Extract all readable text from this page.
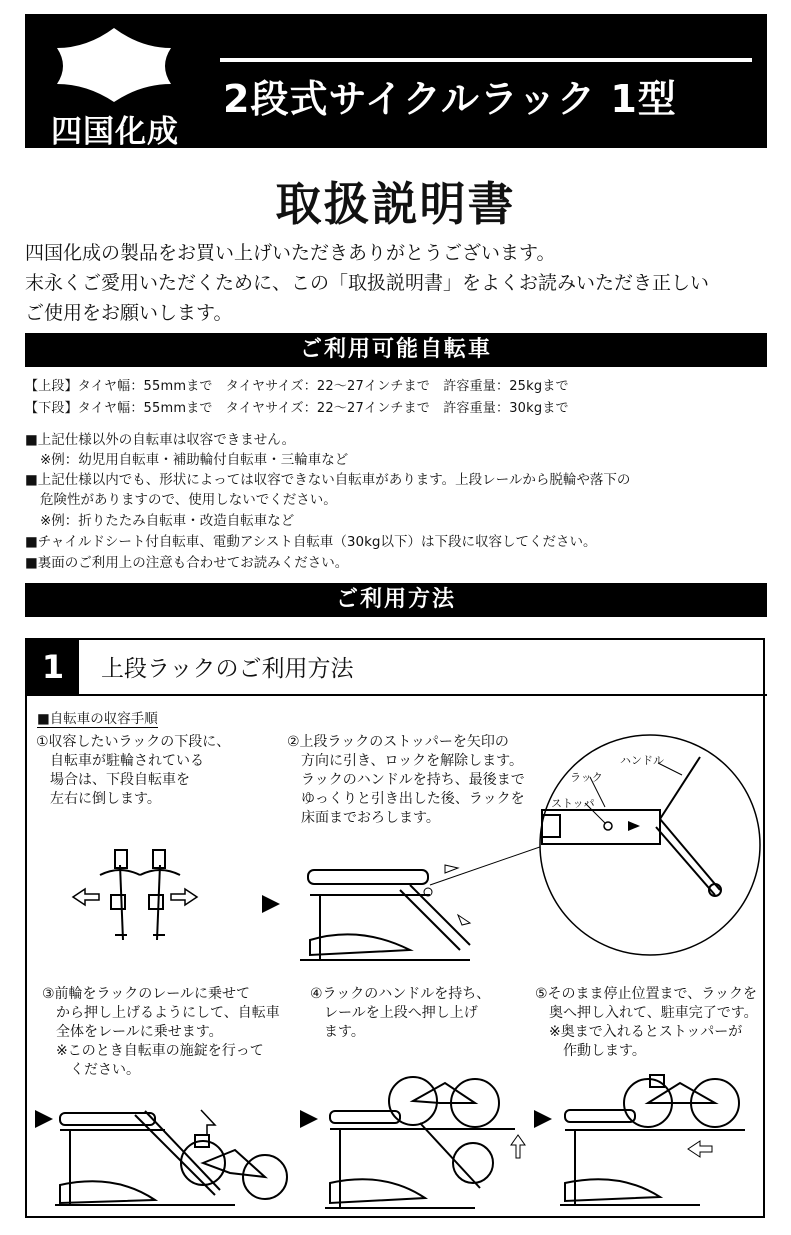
四国化成
2段式サイクルラック 1型
取扱説明書
四国化成の製品をお買い上げいただきありがとうございます。
末永くご愛用いただくために、この「取扱説明書」をよくお読みいただき正しい
ご使用をお願いします。
ご利用可能自転車
【上段】タイヤ幅：55mmまで　タイヤサイズ：22～27インチまで　許容重量：25kgまで
【下段】タイヤ幅：55mmまで　タイヤサイズ：22～27インチまで　許容重量：30kgまで
■上記仕様以外の自転車は収容できません。
※例：幼児用自転車・補助輪付自転車・三輪車など
■上記仕様以内でも、形状によっては収容できない自転車があります。上段レールから脱輪や落下の
危険性がありますので、使用しないでください。
※例：折りたたみ自転車・改造自転車など
■チャイルドシート付自転車、電動アシスト自転車（30kg以下）は下段に収容してください。
■裏面のご利用上の注意も合わせてお読みください。
ご利用方法
1	上段ラックのご利用方法
■自転車の収容手順
①収容したいラックの下段に、
　自転車が駐輪されている
　場合は、下段自転車を
　左右に倒します。
②上段ラックのストッパーを矢印の
　方向に引き、ロックを解除します。
　ラックのハンドルを持ち、最後まで
　ゆっくりと引き出した後、ラックを
　床面までおろします。
③前輪をラックのレールに乗せて
　から押し上げるようにして、自転車
　全体をレールに乗せます。
　※このとき自転車の施錠を行って
　　ください。
④ラックのハンドルを持ち、
　レールを上段へ押し上げ
　ます。
⑤そのまま停止位置まで、ラックを
　奥へ押し入れて、駐車完了です。
　※奥まで入れるとストッパーが
　　作動します。
ハンドル
ラック
ストッパ
